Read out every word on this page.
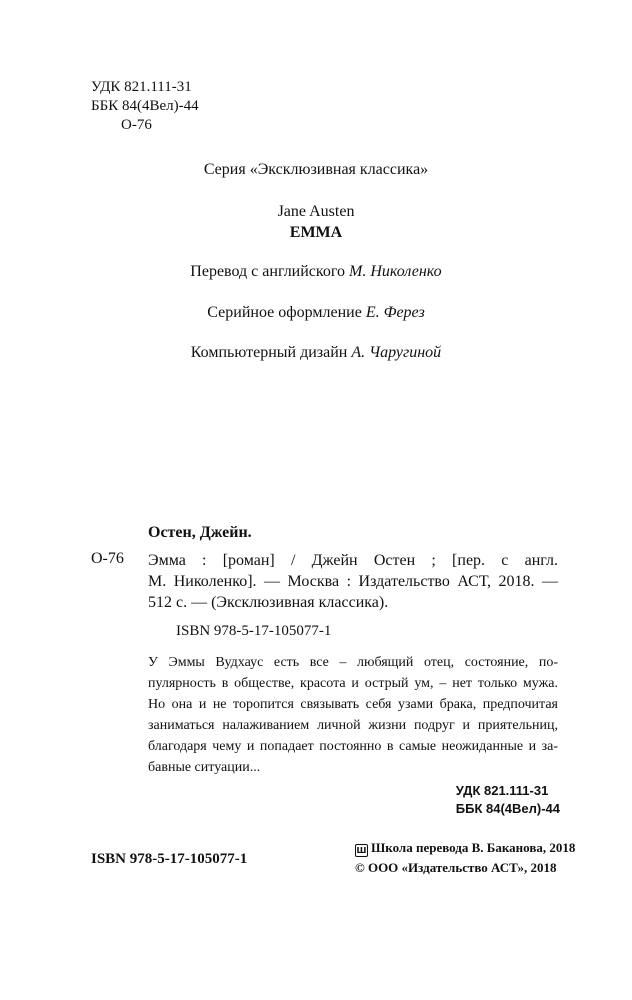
УДК 821.111-31
ББК 84(4Вел)-44
О-76
Серия «Эксклюзивная классика»
Jane Austen
EMMA
Перевод с английского М. Николенко
Серийное оформление Е. Ферез
Компьютерный дизайн А. Чаругиной
Остен, Джейн.
О-76 Эмма : [роман] / Джейн Остен ; [пер. с англ.
М. Николенко]. — Москва : Издательство АСТ, 2018. —
512 с. — (Эксклюзивная классика).
ISBN 978-5-17-105077-1
У Эммы Вудхаус есть все – любящий отец, состояние, по-
пулярность в обществе, красота и острый ум, – нет только мужа.
Но она и не торопится связывать себя узами брака, предпочитая
заниматься налаживанием личной жизни подруг и приятельниц,
благодаря чему и попадает постоянно в самые неожиданные и за-
бавные ситуации...
УДК 821.111-31
ББК 84(4Вел)-44
Ш Школа перевода В. Баканова, 2018
© ООО «Издательство АСТ», 2018
ISBN 978-5-17-105077-1
